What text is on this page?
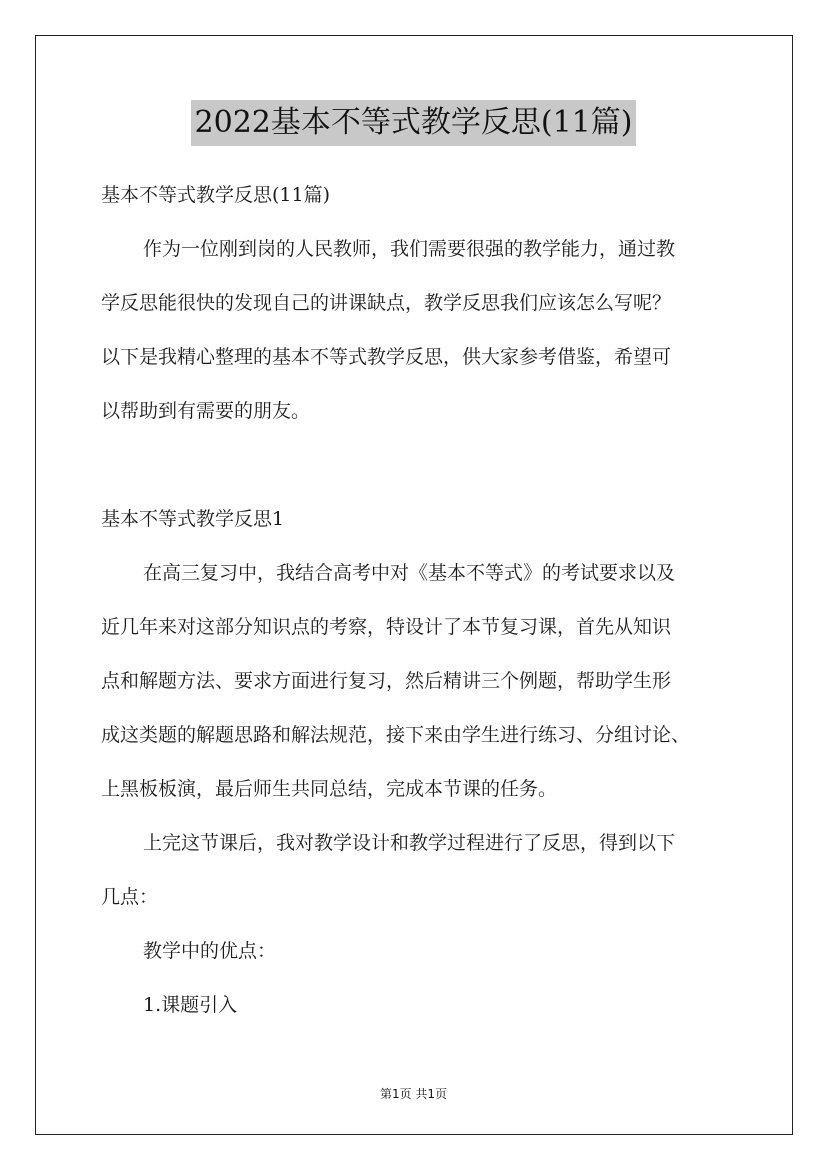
2022基本不等式教学反思(11篇)
基本不等式教学反思(11篇)
作为一位刚到岗的人民教师，我们需要很强的教学能力，通过教
学反思能很快的发现自己的讲课缺点，教学反思我们应该怎么写呢？
以下是我精心整理的基本不等式教学反思，供大家参考借鉴，希望可
以帮助到有需要的朋友。
基本不等式教学反思1
在高三复习中，我结合高考中对《基本不等式》的考试要求以及
近几年来对这部分知识点的考察，特设计了本节复习课，首先从知识
点和解题方法、要求方面进行复习，然后精讲三个例题，帮助学生形
成这类题的解题思路和解法规范，接下来由学生进行练习、分组讨论、
上黑板板演，最后师生共同总结，完成本节课的任务。
上完这节课后，我对教学设计和教学过程进行了反思，得到以下
几点：
教学中的优点：
1.课题引入
第1页 共1页
